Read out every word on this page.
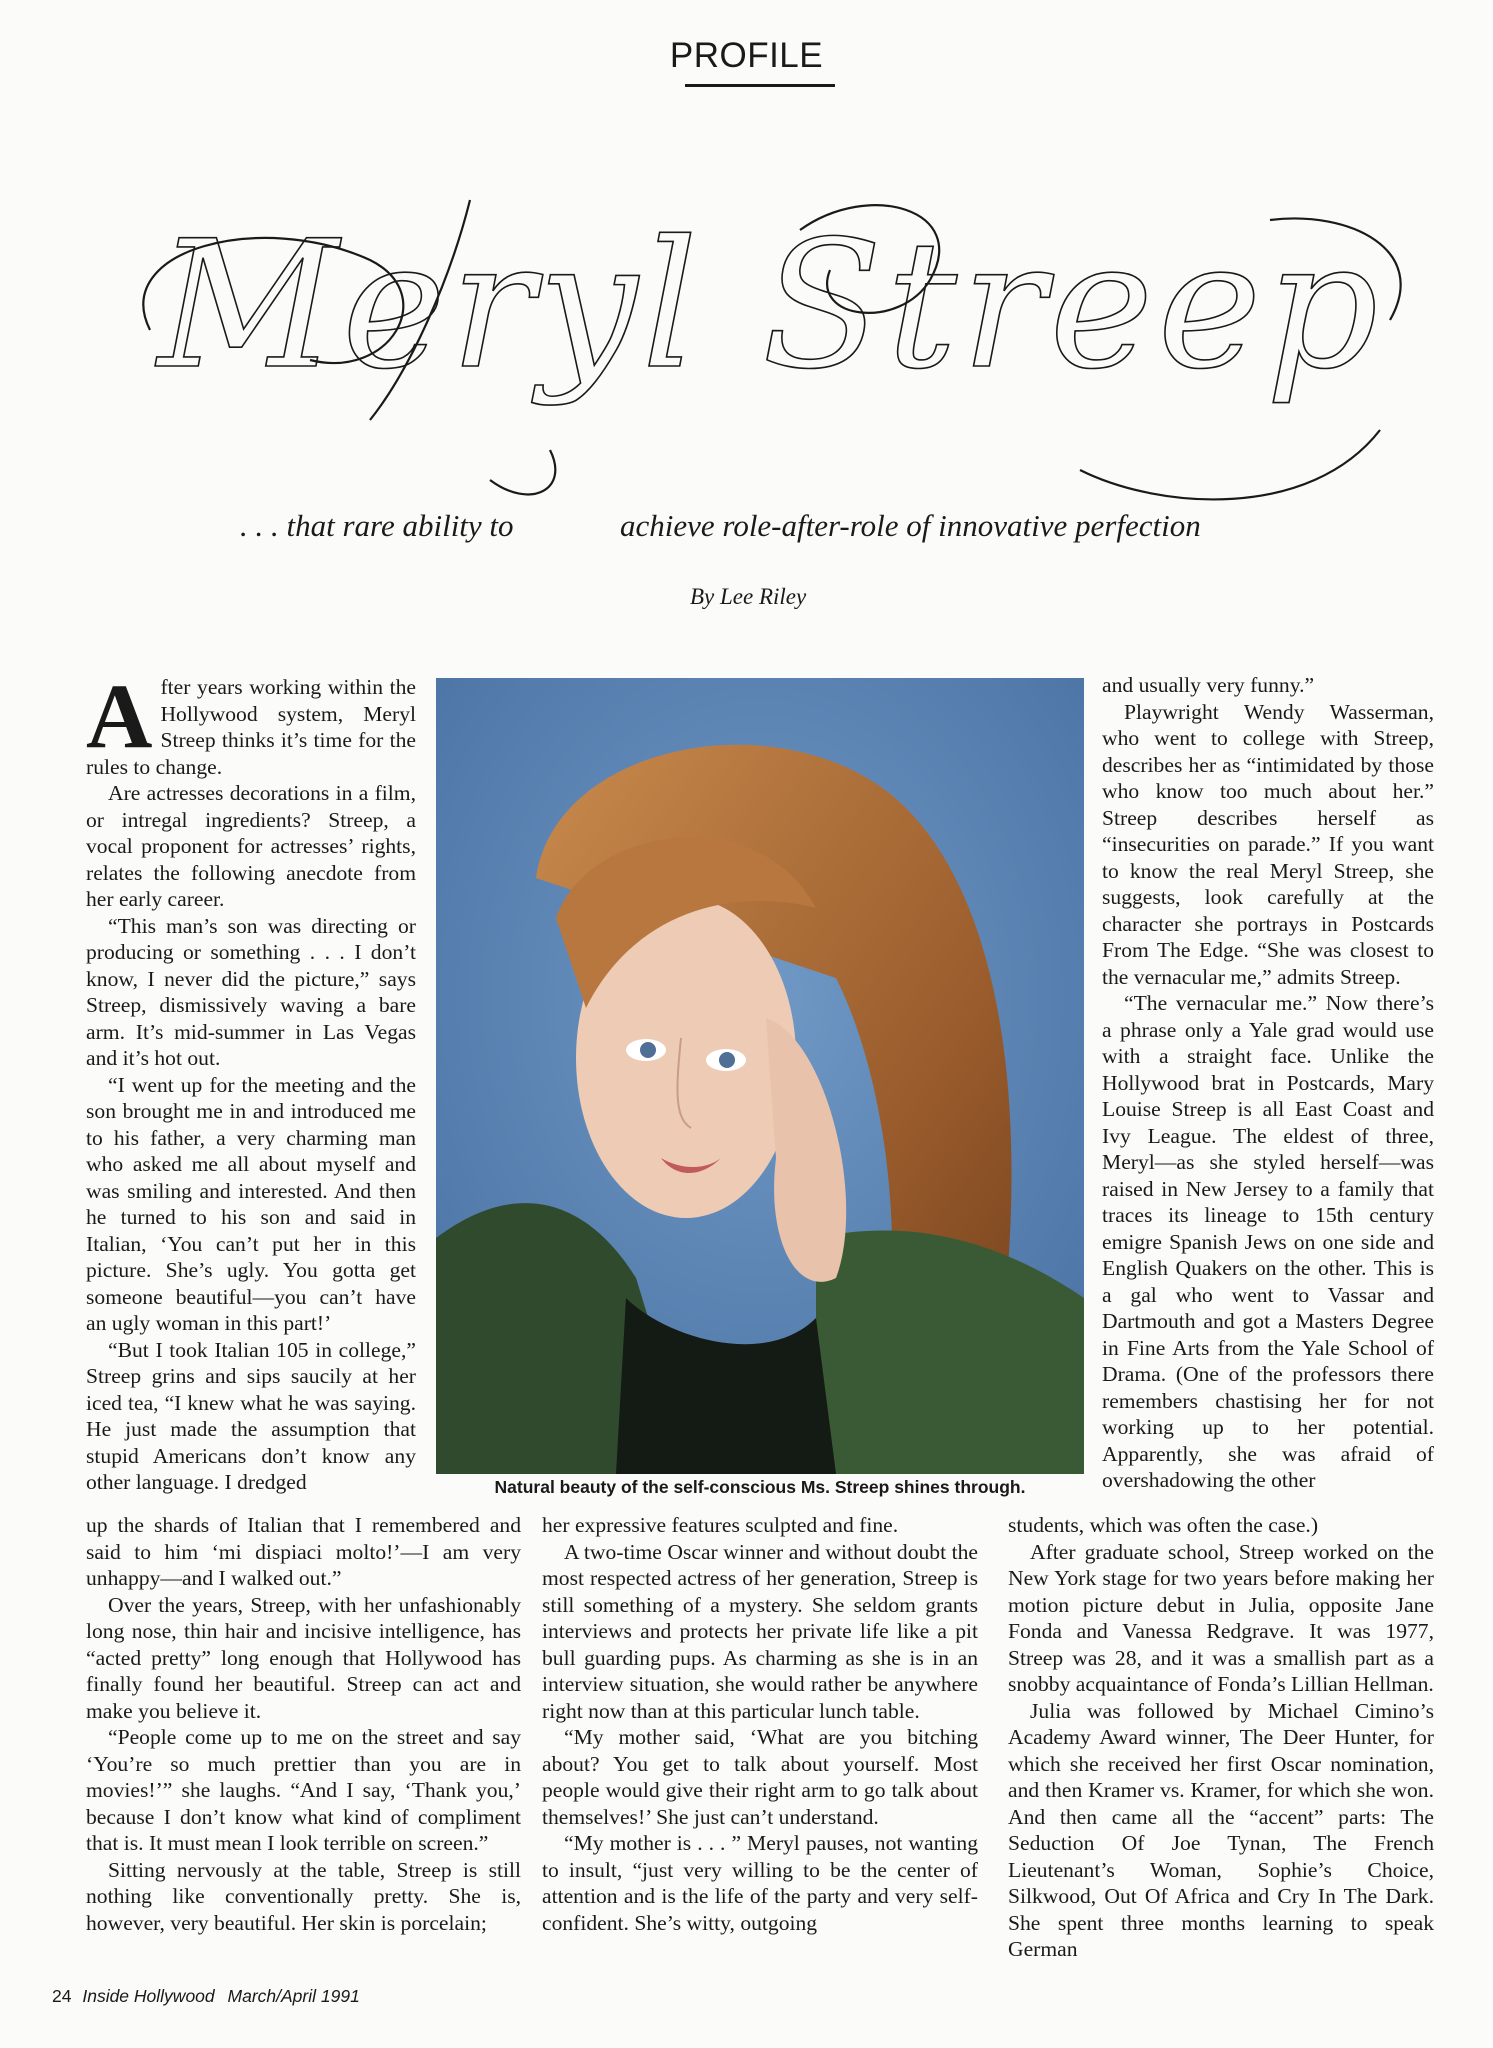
PROFILE
Meryl Streep
. . . that rare ability to	achieve role-after-role of innovative perfection
By Lee Riley

After years working within the Hollywood system, Meryl Streep thinks it’s time for the rules to change.

Are actresses decorations in a film, or intregal ingredients? Streep, a vocal proponent for actresses’ rights, relates the following anecdote from her early career.

“This man’s son was directing or producing or something . . . I don’t know, I never did the picture,” says Streep, dismissively waving a bare arm. It’s mid-summer in Las Vegas and it’s hot out.

“I went up for the meeting and the son brought me in and introduced me to his father, a very charming man who asked me all about myself and was smiling and interested. And then he turned to his son and said in Italian, ‘You can’t put her in this picture. She’s ugly. You gotta get someone beautiful—you can’t have an ugly woman in this part!’

“But I took Italian 105 in college,” Streep grins and sips saucily at her iced tea, “I knew what he was saying. He just made the assumption that stupid Americans don’t know any other language. I dredged	Natural beauty of the self-conscious Ms. Streep shines through.

and usually very funny.”

Playwright Wendy Wasserman, who went to college with Streep, describes her as “intimidated by those who know too much about her.” Streep describes herself as “insecurities on parade.” If you want to know the real Meryl Streep, she suggests, look carefully at the character she portrays in Postcards From The Edge. “She was closest to the vernacular me,” admits Streep.

“The vernacular me.” Now there’s a phrase only a Yale grad would use with a straight face. Unlike the Hollywood brat in Postcards, Mary Louise Streep is all East Coast and Ivy League. The eldest of three, Meryl—as she styled herself—was raised in New Jersey to a family that traces its lineage to 15th century emigre Spanish Jews on one side and English Quakers on the other. This is a gal who went to Vassar and Dartmouth and got a Masters Degree in Fine Arts from the Yale School of Drama. (One of the professors there remembers chastising her for not working up to her potential. Apparently, she was afraid of overshadowing the other

up the shards of Italian that I remembered and said to him ‘mi dispiaci molto!’—I am very unhappy—and I walked out.”

Over the years, Streep, with her unfashionably long nose, thin hair and incisive intelligence, has “acted pretty” long enough that Hollywood has finally found her beautiful. Streep can act and make you believe it.

“People come up to me on the street and say ‘You’re so much prettier than you are in movies!’” she laughs. “And I say, ‘Thank you,’ because I don’t know what kind of compliment that is. It must mean I look terrible on screen.”

Sitting nervously at the table, Streep is still nothing like conventionally pretty. She is, however, very beautiful. Her skin is porcelain;

her expressive features sculpted and fine.

A two-time Oscar winner and without doubt the most respected actress of her generation, Streep is still something of a mystery. She seldom grants interviews and protects her private life like a pit bull guarding pups. As charming as she is in an interview situation, she would rather be anywhere right now than at this particular lunch table.

“My mother said, ‘What are you bitching about? You get to talk about yourself. Most people would give their right arm to go talk about themselves!’ She just can’t understand.

“My mother is . . . ” Meryl pauses, not wanting to insult, “just very willing to be the center of attention and is the life of the party and very self-confident. She’s witty, outgoing

students, which was often the case.)

After graduate school, Streep worked on the New York stage for two years before making her motion picture debut in Julia, opposite Jane Fonda and Vanessa Redgrave. It was 1977, Streep was 28, and it was a smallish part as a snobby acquaintance of Fonda’s Lillian Hellman.

Julia was followed by Michael Cimino’s Academy Award winner, The Deer Hunter, for which she received her first Oscar nomination, and then Kramer vs. Kramer, for which she won. And then came all the “accent” parts: The Seduction Of Joe Tynan, The French Lieutenant’s Woman, Sophie’s Choice, Silkwood, Out Of Africa and Cry In The Dark. She spent three months learning to speak German

24 Inside Hollywood March/April 1991
